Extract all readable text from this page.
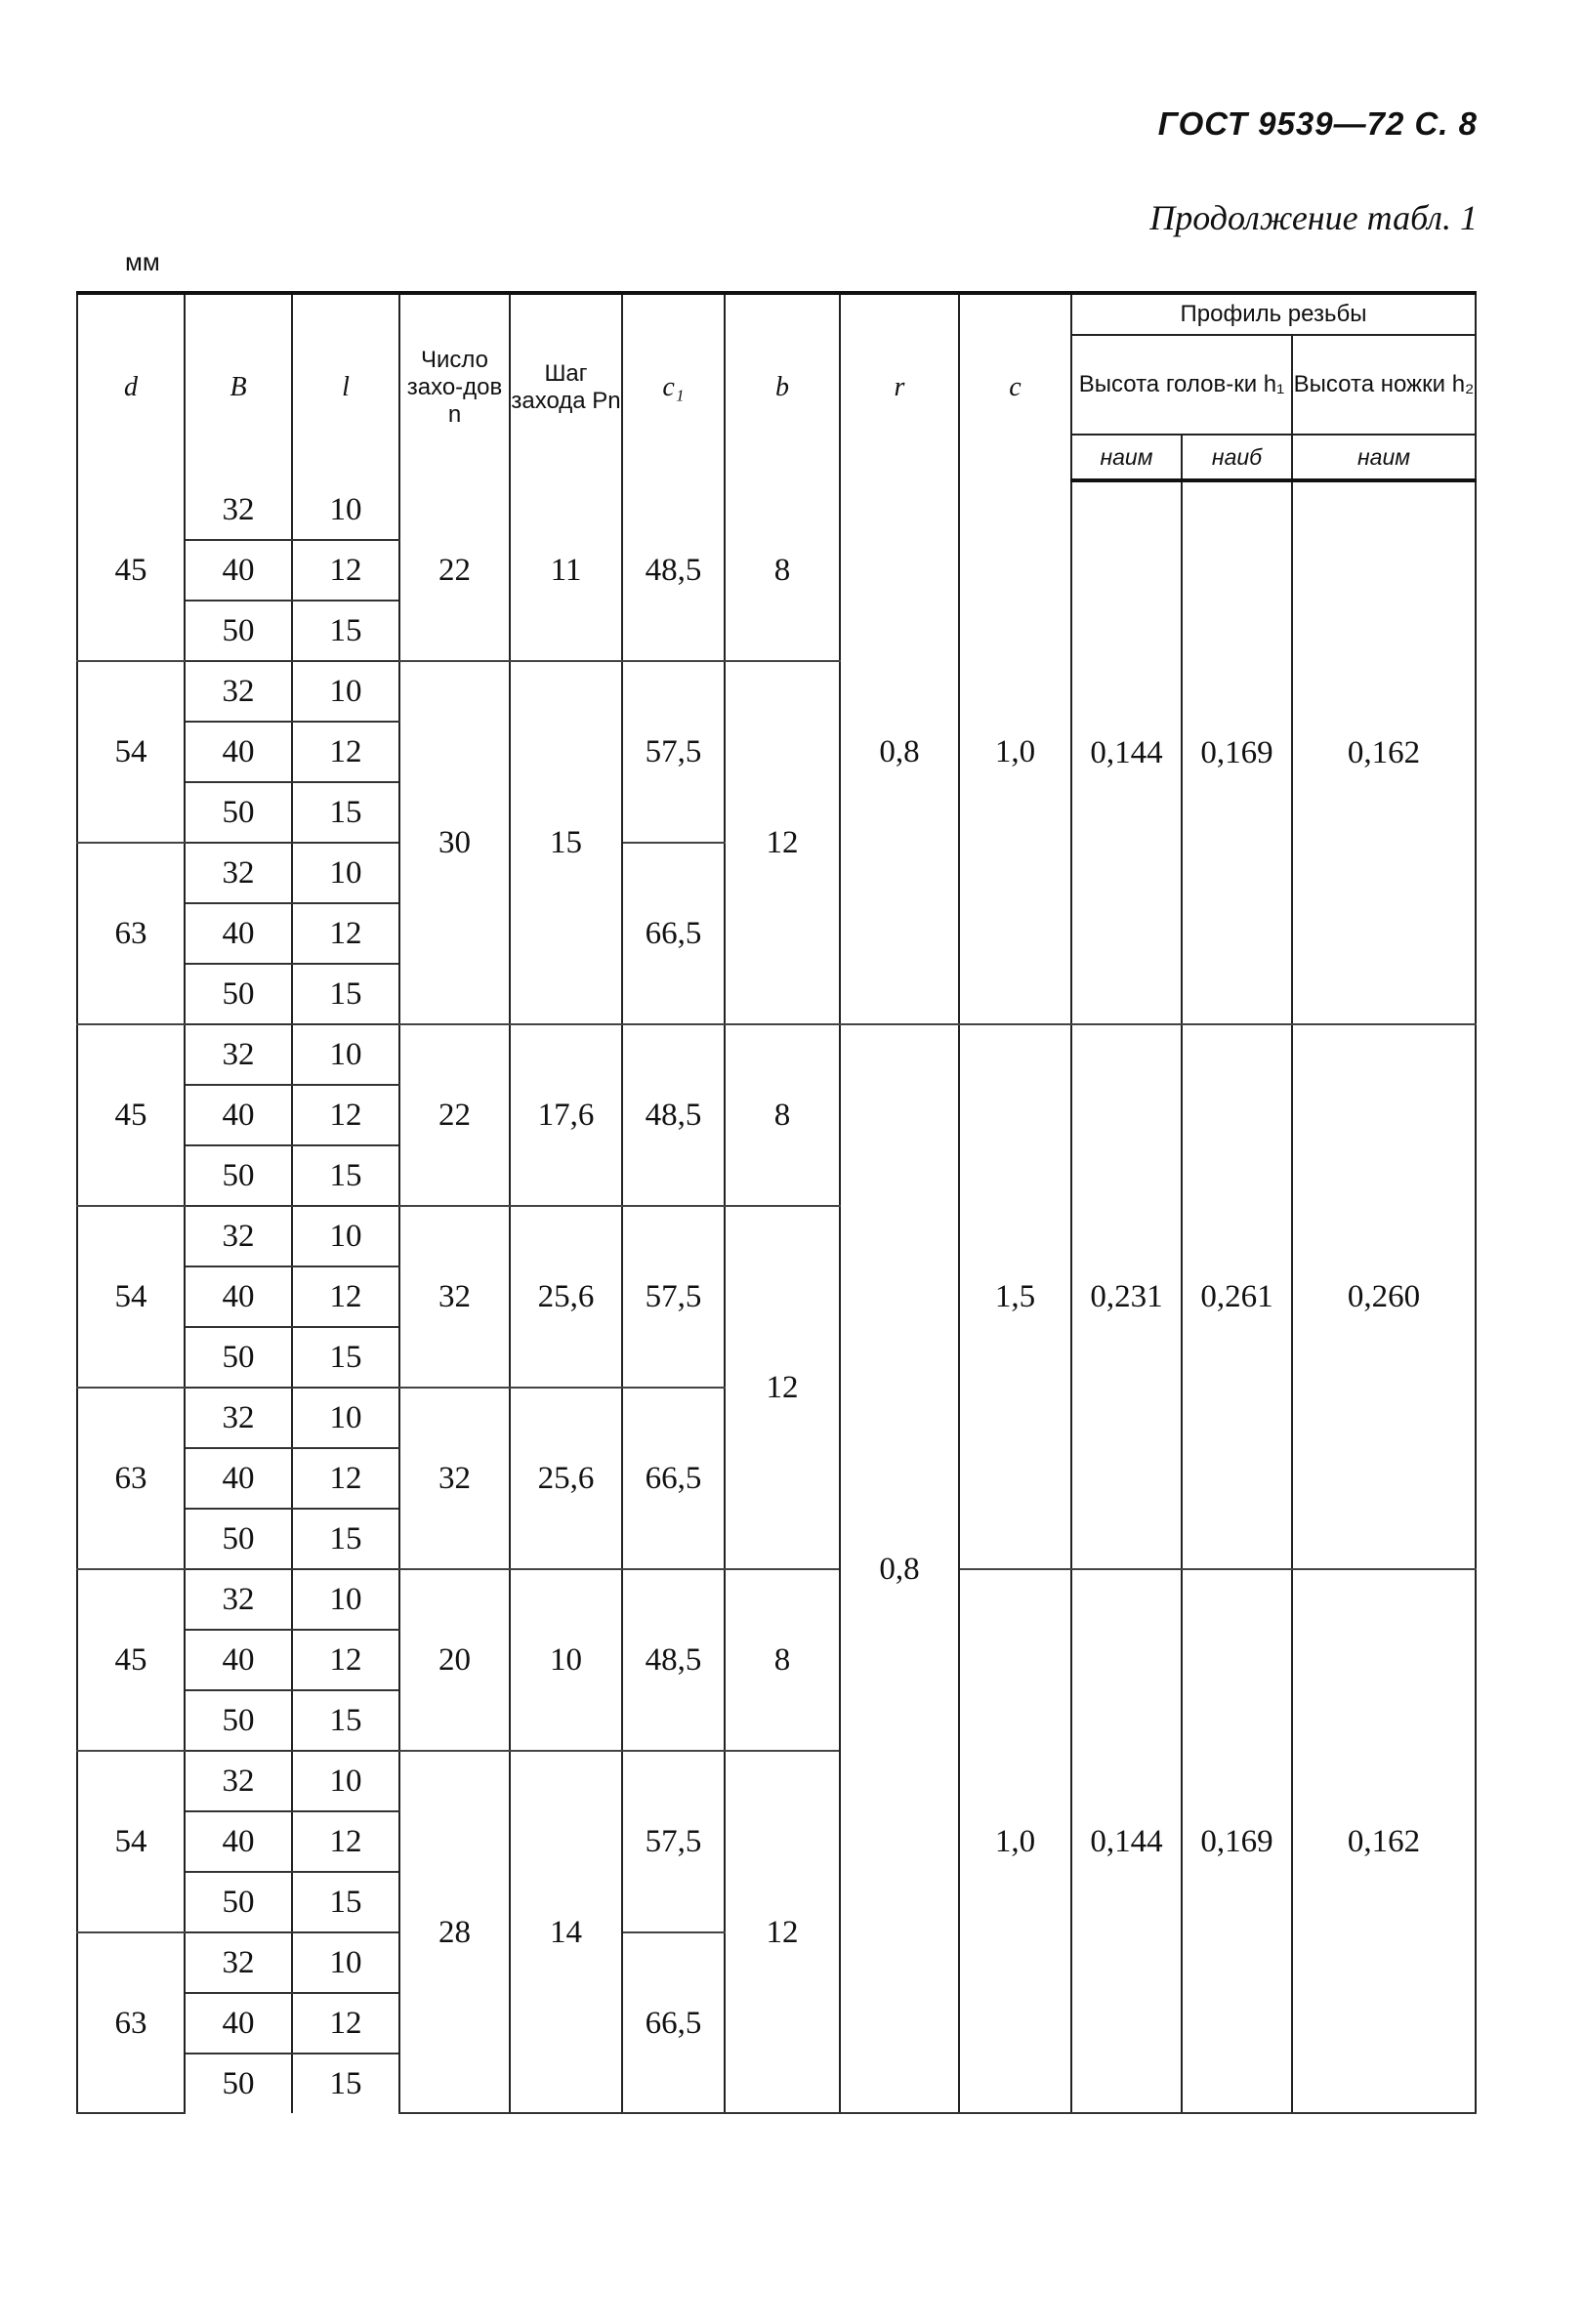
ГОСТ 9539—72 С. 8
Продолжение табл. 1
мм
d	B	l	Число захо-дов n	Шаг захода Pn	c₁	b	r	c	Профиль резьбы		
									Высота голов-ки h₁		Высота ножки h₂
									наим	наиб	наим
45	32	10	22	11	48,5	8	0,8	1,0	0,144	0,169	0,162
	40	12									
	50	15									
54	32	10	30	15	57,5	12					
	40	12									
	50	15									
63	32	10			66,5						
	40	12									
	50	15									
45	32	10	22	17,6	48,5	8	0,8	1,5	0,231	0,261	0,260
	40	12									
	50	15									
54	32	10	32	25,6	57,5	12					
	40	12									
	50	15									
63	32	10	32	25,6	66,5						
	40	12									
	50	15									
45	32	10	20	10	48,5	8		1,0	0,144	0,169	0,162
	40	12									
	50	15									
54	32	10	28	14	57,5	12					
	40	12									
	50	15									
63	32	10			66,5						
	40	12									
	50	15									
